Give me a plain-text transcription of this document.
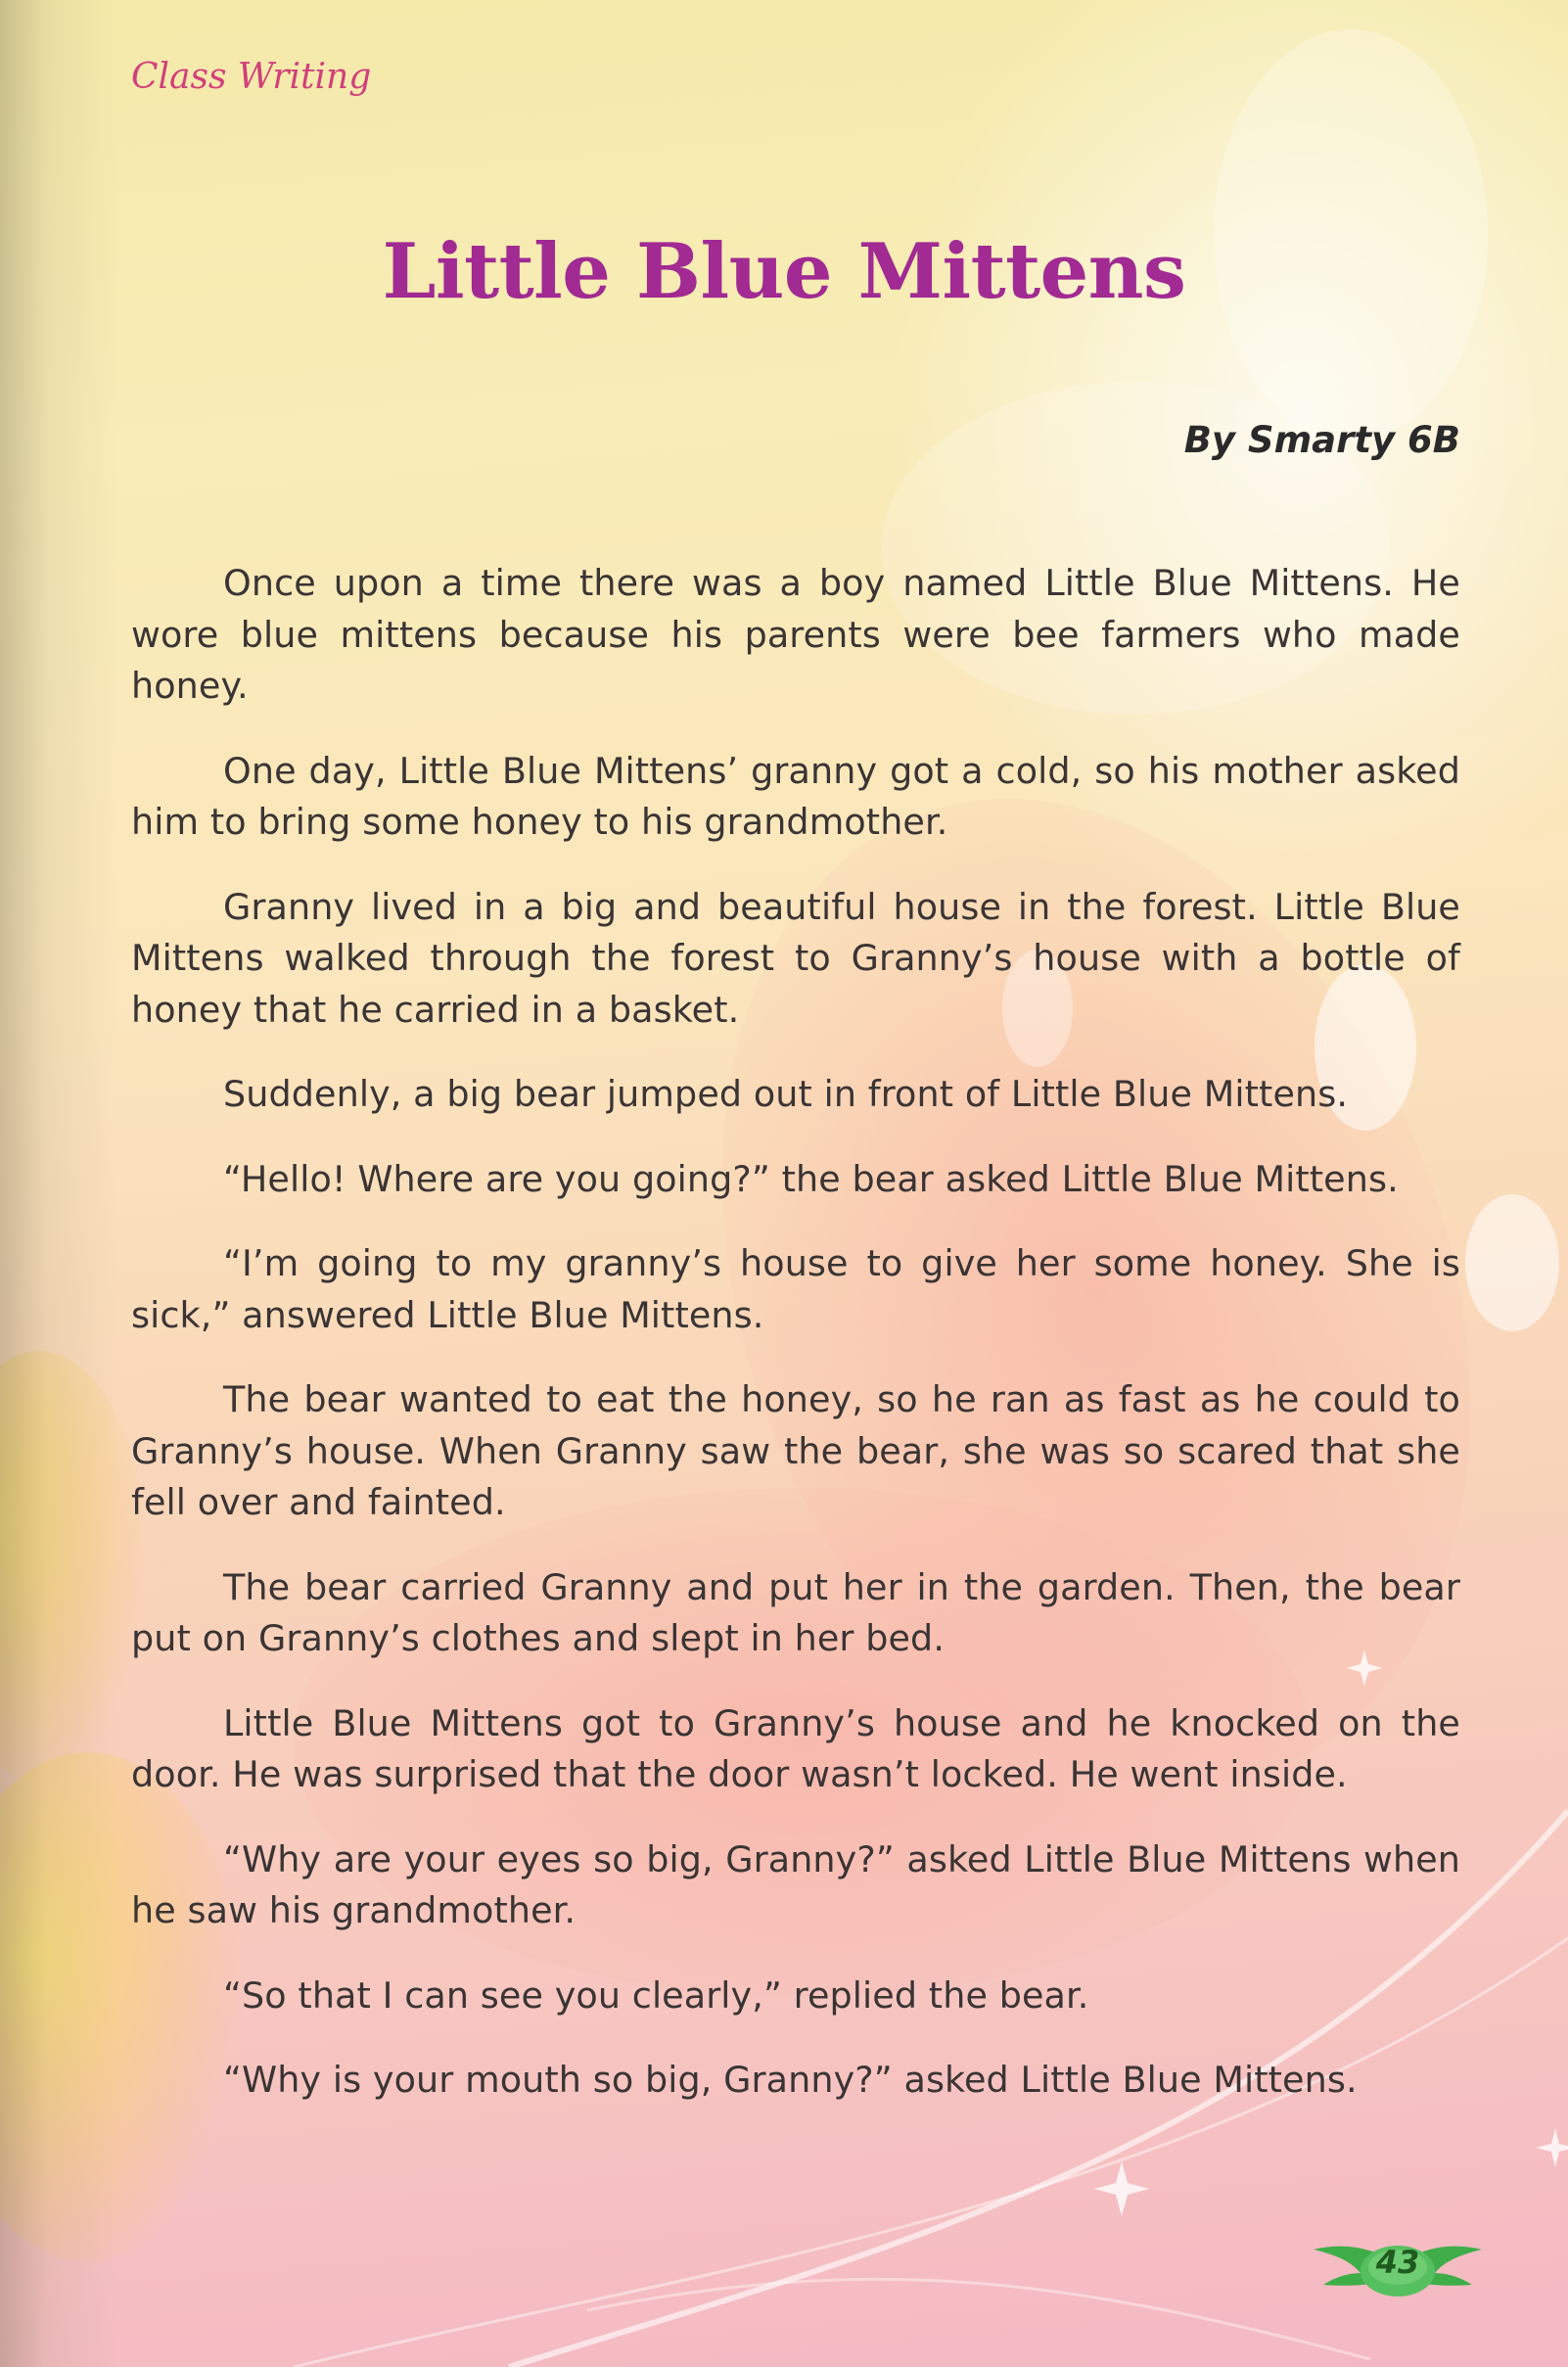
Class Writing
Little Blue Mittens
By Smarty 6B

Once upon a time there was a boy named Little Blue Mittens. He wore blue mittens because his parents were bee farmers who made honey.

One day, Little Blue Mittens’ granny got a cold, so his mother asked him to bring some honey to his grandmother.

Granny lived in a big and beautiful house in the forest. Little Blue Mittens walked through the forest to Granny’s house with a bottle of honey that he carried in a basket.

Suddenly, a big bear jumped out in front of Little Blue Mittens.

“Hello! Where are you going?” the bear asked Little Blue Mittens.

“I’m going to my granny’s house to give her some honey. She is sick,” answered Little Blue Mittens.

The bear wanted to eat the honey, so he ran as fast as he could to Granny’s house. When Granny saw the bear, she was so scared that she fell over and fainted.

The bear carried Granny and put her in the garden. Then, the bear put on Granny’s clothes and slept in her bed.

Little Blue Mittens got to Granny’s house and he knocked on the door. He was surprised that the door wasn’t locked. He went inside.

“Why are your eyes so big, Granny?” asked Little Blue Mittens when he saw his grandmother.

“So that I can see you clearly,” replied the bear.

“Why is your mouth so big, Granny?” asked Little Blue Mittens.

43
